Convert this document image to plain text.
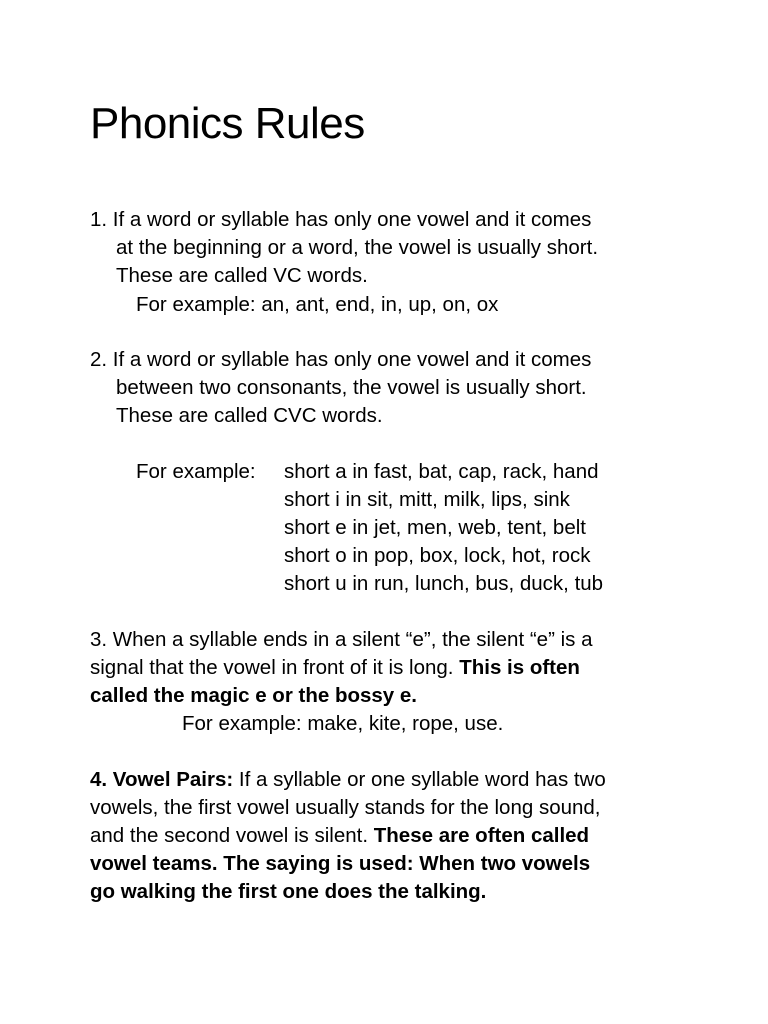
Phonics Rules
1. If a word or syllable has only one vowel and it comes
at the beginning or a word, the vowel is usually short.
These are called VC words.
For example: an, ant, end, in, up, on, ox
2. If a word or syllable has only one vowel and it comes
between two consonants, the vowel is usually short.
These are called CVC words.
For example: short a in fast, bat, cap, rack, hand
short i in sit, mitt, milk, lips, sink
short e in jet, men, web, tent, belt
short o in pop, box, lock, hot, rock
short u in run, lunch, bus, duck, tub
3. When a syllable ends in a silent “e”, the silent “e” is a
signal that the vowel in front of it is long. This is often
called the magic e or the bossy e.
For example: make, kite, rope, use.
4. Vowel Pairs: If a syllable or one syllable word has two
vowels, the first vowel usually stands for the long sound,
and the second vowel is silent. These are often called
vowel teams. The saying is used: When two vowels
go walking the first one does the talking.
